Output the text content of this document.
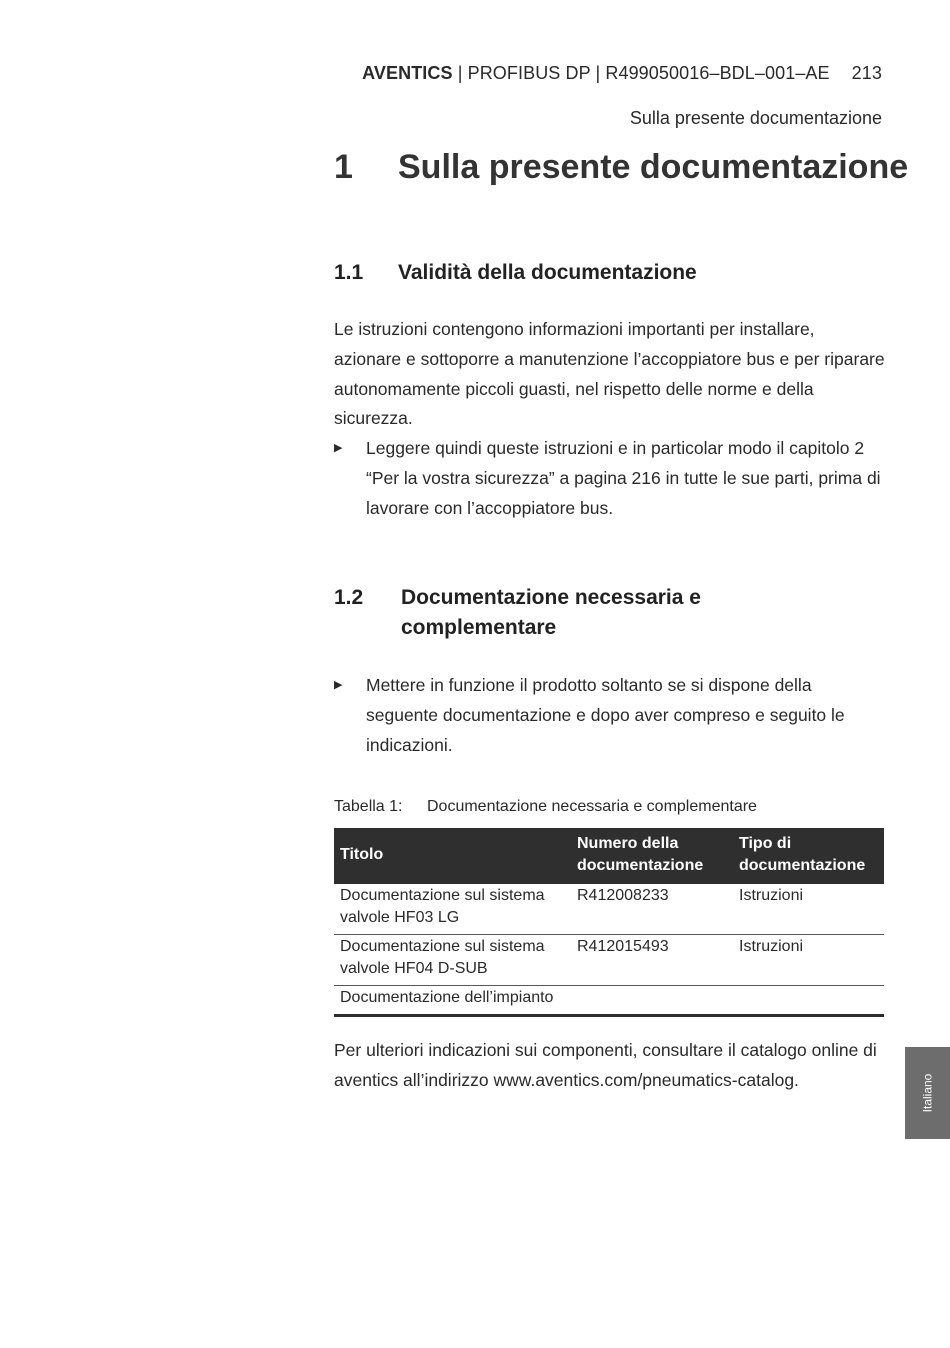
AVENTICS | PROFIBUS DP | R499050016–BDL–001–AE 213
Sulla presente documentazione
1 Sulla presente documentazione
1.1 Validità della documentazione

Le istruzioni contengono informazioni importanti per installare, azionare e sottoporre a manutenzione l’accoppiatore bus e per riparare autonomamente piccoli guasti, nel rispetto delle norme e della sicurezza.

▶ Leggere quindi queste istruzioni e in particolar modo il capitolo 2 “Per la vostra sicurezza” a pagina 216 in tutte le sue parti, prima di lavorare con l’accoppiatore bus.
1.2 Documentazione necessaria e
complementare
▶ Mettere in funzione il prodotto soltanto se si dispone della seguente documentazione e dopo aver compreso e seguito le indicazioni.
Tabella 1: Documentazione necessaria e complementare
Titolo	Numero della documentazione	Tipo di documentazione
Documentazione sul sistema valvole HF03 LG	R412008233	Istruzioni
Documentazione sul sistema valvole HF04 D-SUB	R412015493	Istruzioni
Documentazione dell’impianto		

Per ulteriori indicazioni sui componenti, consultare il catalogo online di aventics all’indirizzo www.aventics.com/pneumatics-catalog.	Italiano
